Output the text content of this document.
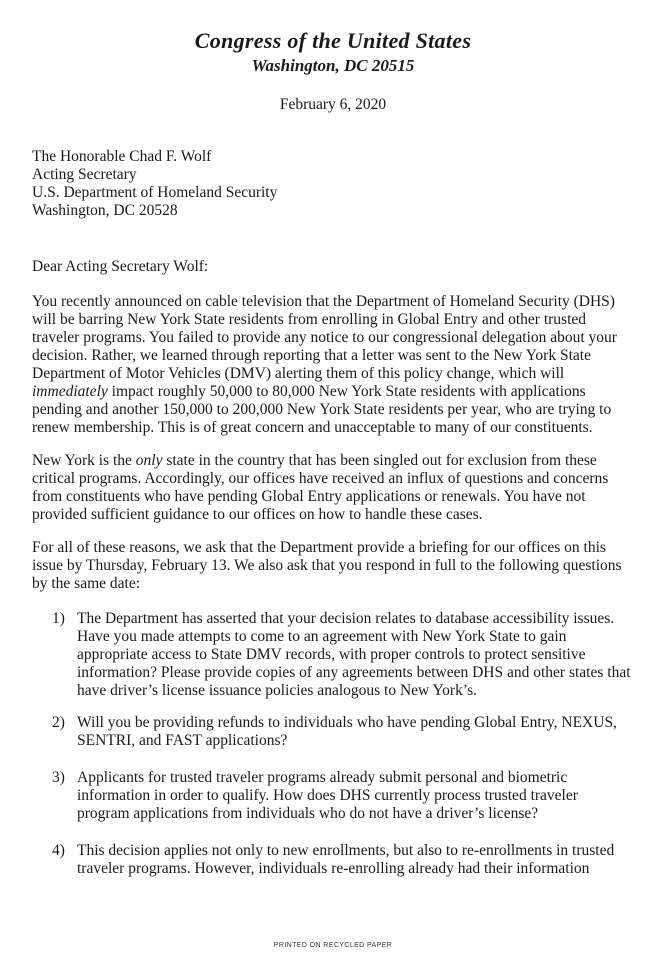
Congress of the United States
Washington, DC 20515
February 6, 2020
The Honorable Chad F. Wolf
Acting Secretary
U.S. Department of Homeland Security
Washington, DC 20528
Dear Acting Secretary Wolf:
You recently announced on cable television that the Department of Homeland Security (DHS) will be barring New York State residents from enrolling in Global Entry and other trusted traveler programs. You failed to provide any notice to our congressional delegation about your decision. Rather, we learned through reporting that a letter was sent to the New York State Department of Motor Vehicles (DMV) alerting them of this policy change, which will immediately impact roughly 50,000 to 80,000 New York State residents with applications pending and another 150,000 to 200,000 New York State residents per year, who are trying to renew membership. This is of great concern and unacceptable to many of our constituents.
New York is the only state in the country that has been singled out for exclusion from these critical programs. Accordingly, our offices have received an influx of questions and concerns from constituents who have pending Global Entry applications or renewals. You have not provided sufficient guidance to our offices on how to handle these cases.
For all of these reasons, we ask that the Department provide a briefing for our offices on this issue by Thursday, February 13. We also ask that you respond in full to the following questions by the same date:
1) The Department has asserted that your decision relates to database accessibility issues. Have you made attempts to come to an agreement with New York State to gain appropriate access to State DMV records, with proper controls to protect sensitive information? Please provide copies of any agreements between DHS and other states that have driver’s license issuance policies analogous to New York’s.
2) Will you be providing refunds to individuals who have pending Global Entry, NEXUS, SENTRI, and FAST applications?
3) Applicants for trusted traveler programs already submit personal and biometric information in order to qualify. How does DHS currently process trusted traveler program applications from individuals who do not have a driver’s license?
4) This decision applies not only to new enrollments, but also to re-enrollments in trusted traveler programs. However, individuals re-enrolling already had their information
PRINTED ON RECYCLED PAPER
